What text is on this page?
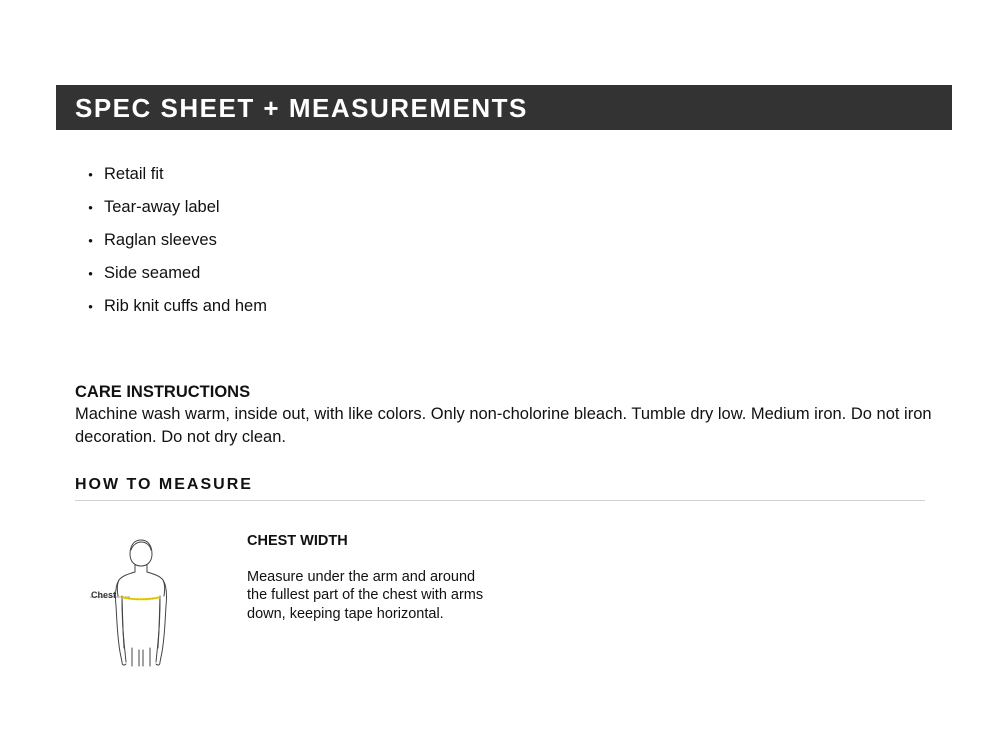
SPEC SHEET + MEASUREMENTS
• Retail fit
• Tear-away label
• Raglan sleeves
• Side seamed
• Rib knit cuffs and hem
CARE INSTRUCTIONS
Machine wash warm, inside out, with like colors. Only non-cholorine bleach. Tumble dry low. Medium iron. Do not iron decoration. Do not dry clean.
HOW TO MEASURE
Chest
CHEST WIDTH
Measure under the arm and around the fullest part of the chest with arms down, keeping tape horizontal.
